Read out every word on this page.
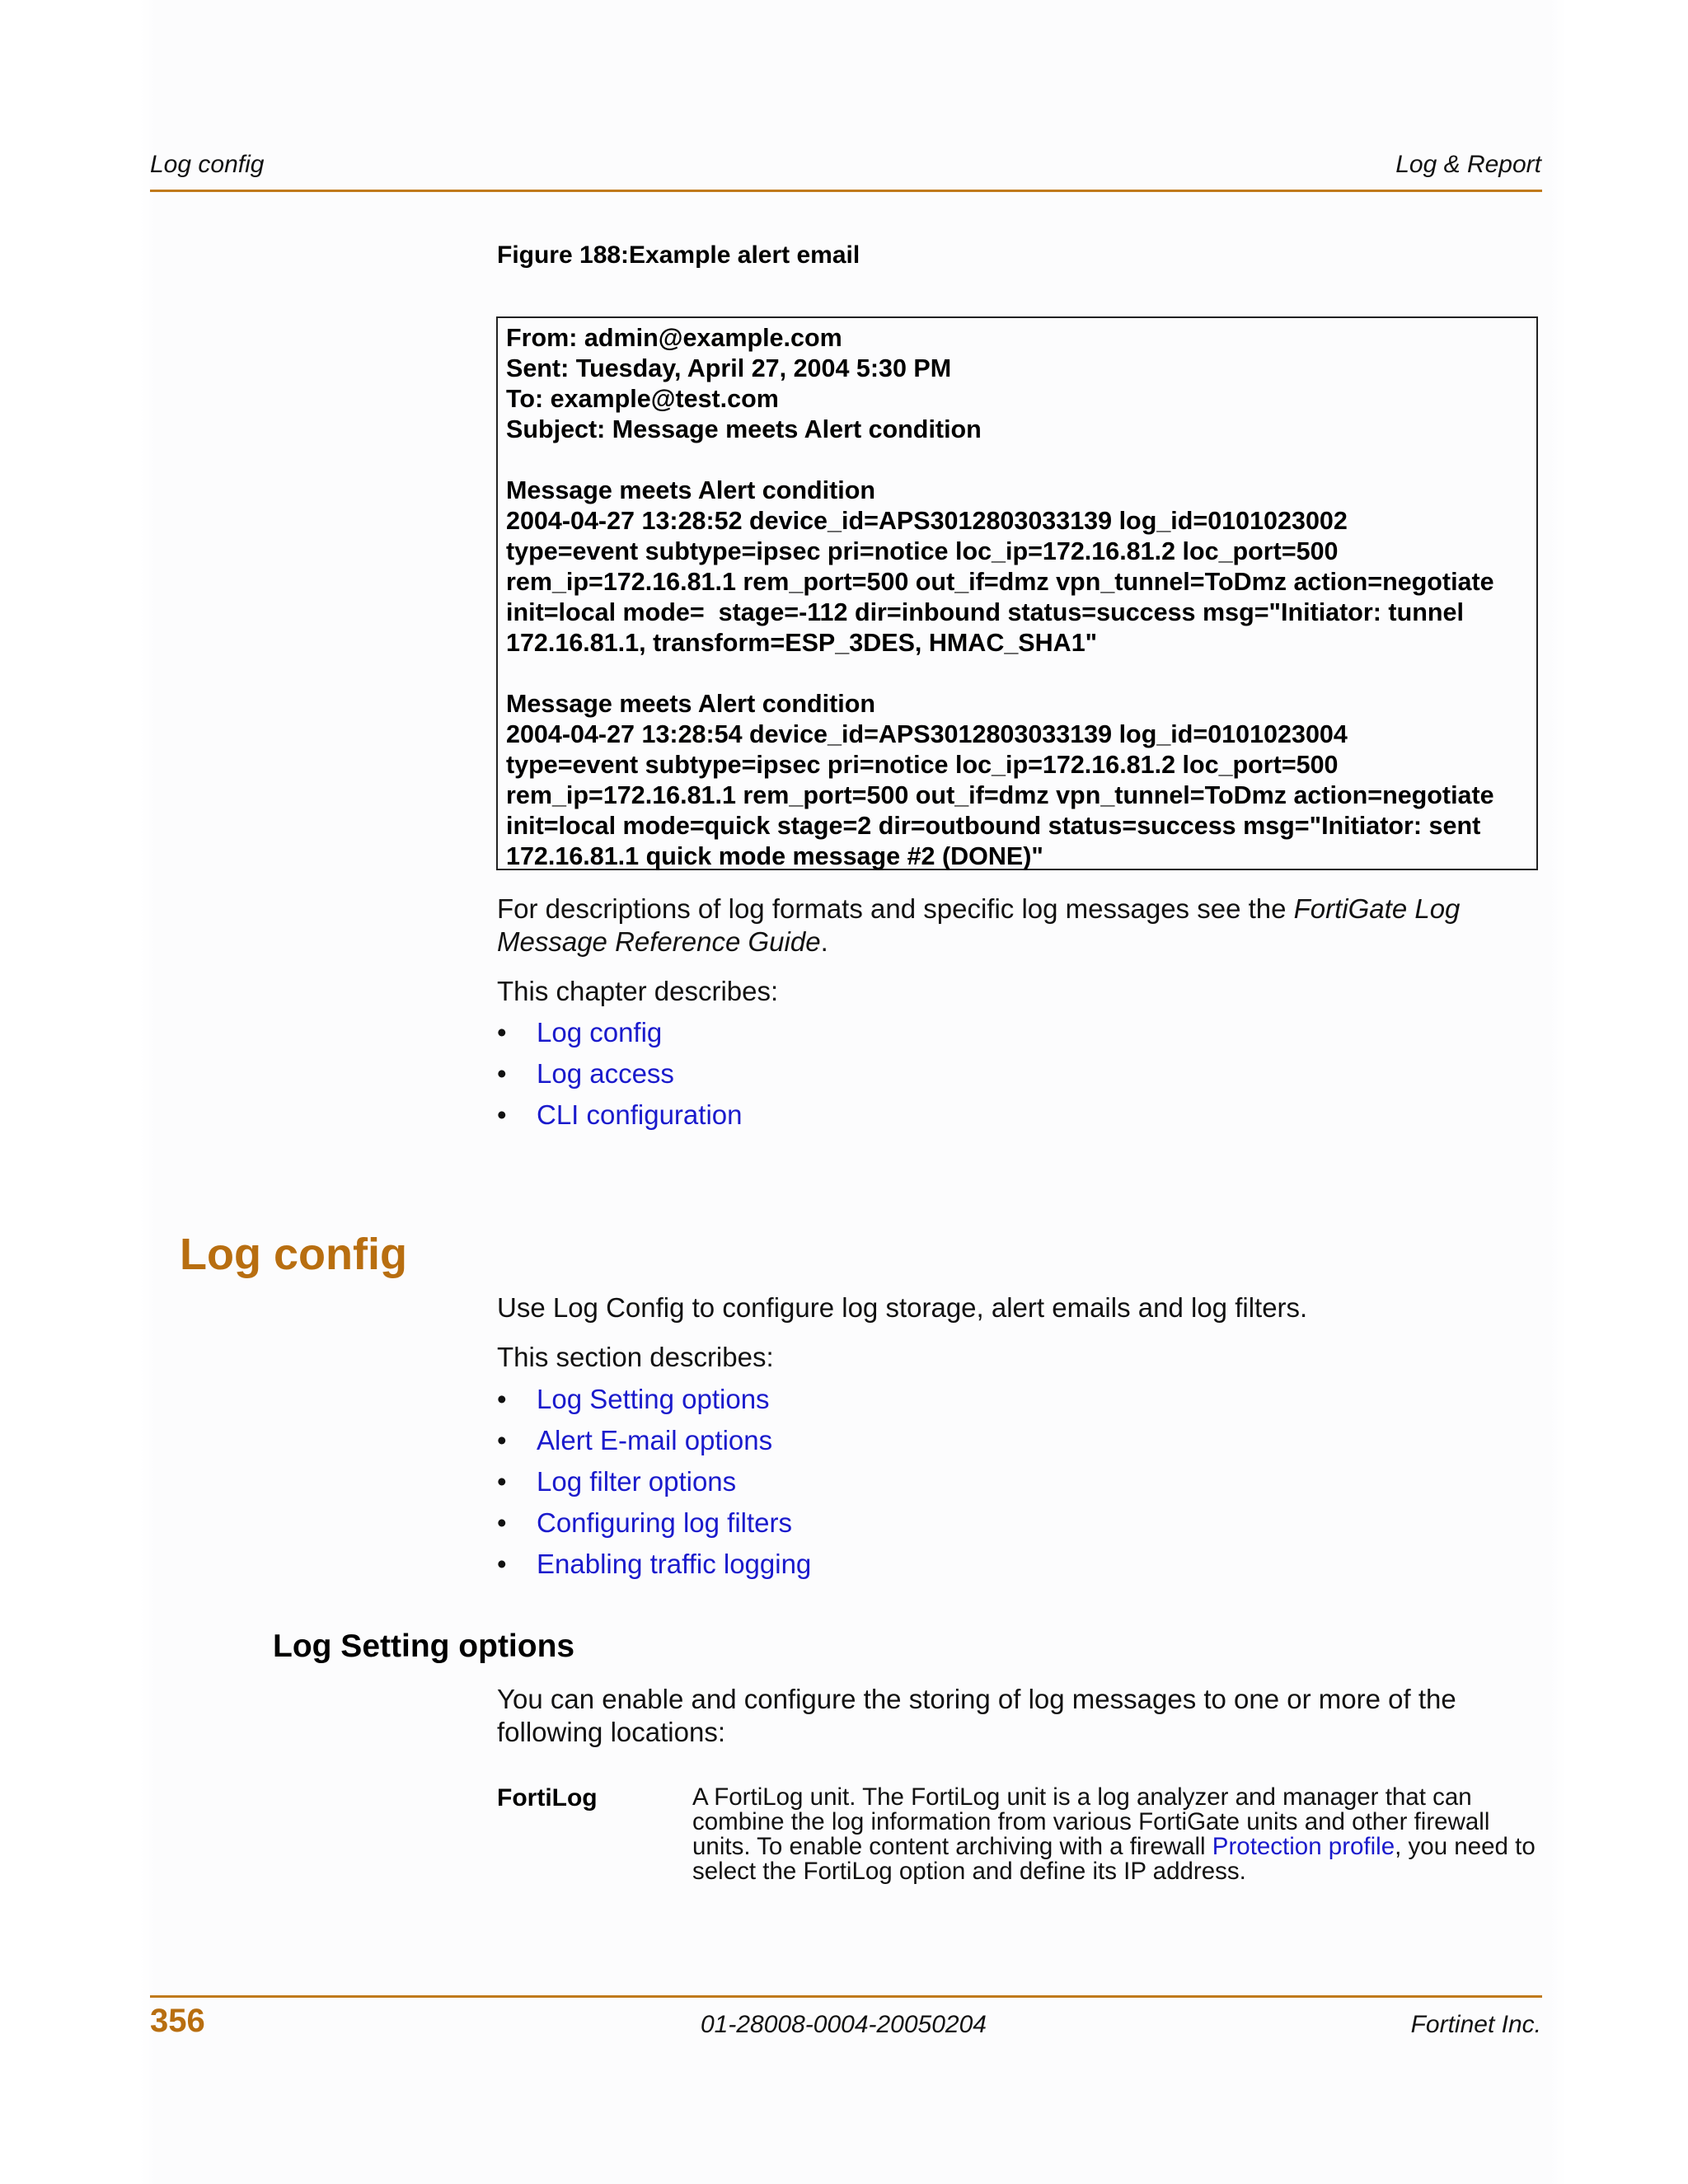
Log config	Log & Report
Figure 188:Example alert email
From: admin@example.com
Sent: Tuesday, April 27, 2004 5:30 PM
To: example@test.com
Subject: Message meets Alert condition
Message meets Alert condition
2004-04-27 13:28:52 device_id=APS3012803033139 log_id=0101023002
type=event subtype=ipsec pri=notice loc_ip=172.16.81.2 loc_port=500
rem_ip=172.16.81.1 rem_port=500 out_if=dmz vpn_tunnel=ToDmz action=negotiate
init=local mode=  stage=-112 dir=inbound status=success msg="Initiator: tunnel
172.16.81.1, transform=ESP_3DES, HMAC_SHA1"
Message meets Alert condition
2004-04-27 13:28:54 device_id=APS3012803033139 log_id=0101023004
type=event subtype=ipsec pri=notice loc_ip=172.16.81.2 loc_port=500
rem_ip=172.16.81.1 rem_port=500 out_if=dmz vpn_tunnel=ToDmz action=negotiate
init=local mode=quick stage=2 dir=outbound status=success msg="Initiator: sent
172.16.81.1 quick mode message #2 (DONE)"
For descriptions of log formats and specific log messages see the FortiGate Log Message Reference Guide.
This chapter describes:
• Log config
• Log access
• CLI configuration
Log config
Use Log Config to configure log storage, alert emails and log filters.
This section describes:
• Log Setting options
• Alert E-mail options
• Log filter options
• Configuring log filters
• Enabling traffic logging
Log Setting options
You can enable and configure the storing of log messages to one or more of the following locations:
FortiLog	A FortiLog unit. The FortiLog unit is a log analyzer and manager that can combine the log information from various FortiGate units and other firewall units. To enable content archiving with a firewall Protection profile, you need to select the FortiLog option and define its IP address.
356	01-28008-0004-20050204	Fortinet Inc.
